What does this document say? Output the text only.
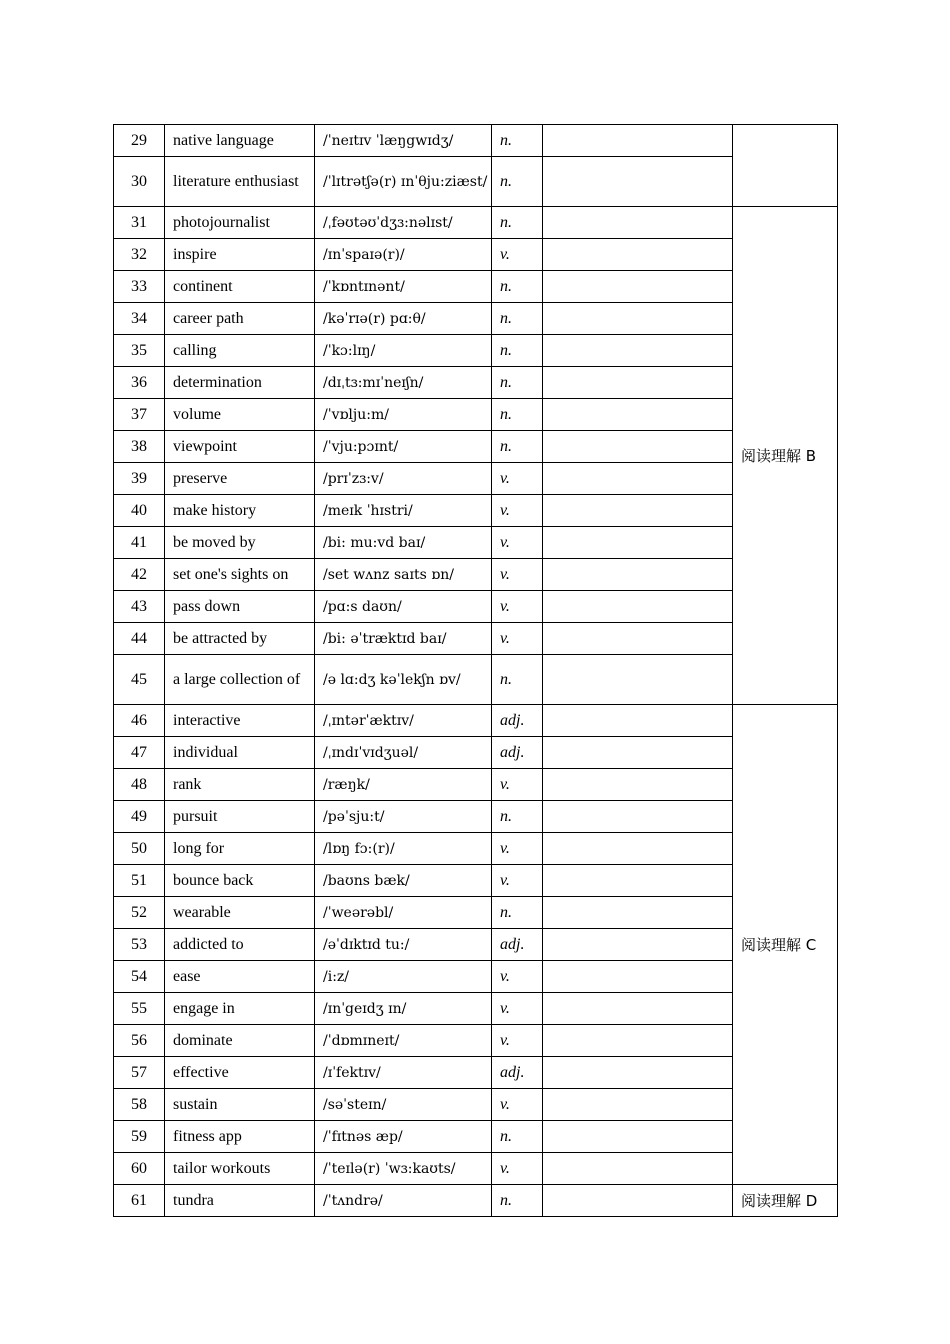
29	native language	/ˈneɪtɪv ˈlæŋgwɪdʒ/	n.		
30	literature enthusiast	/ˈlɪtrətʃə(r) ɪnˈθju:ziæst/	n.		
31	photojournalist	/ˌfəʊtəʊˈdʒɜ:nəlɪst/	n.		阅读理解 B
32	inspire	/ɪnˈspaɪə(r)/	v.		
33	continent	/ˈkɒntɪnənt/	n.		
34	career path	/kəˈrɪə(r) pɑ:θ/	n.		
35	calling	/ˈkɔ:lɪŋ/	n.		
36	determination	/dɪˌtɜ:mɪˈneɪʃn/	n.		
37	volume	/ˈvɒlju:m/	n.		
38	viewpoint	/ˈvju:pɔɪnt/	n.		
39	preserve	/prɪˈzɜ:v/	v.		
40	make history	/meɪk ˈhɪstri/	v.		
41	be moved by	/bi: mu:vd baɪ/	v.		
42	set one's sights on	/set wʌnz saɪts ɒn/	v.		
43	pass down	/pɑ:s daʊn/	v.		
44	be attracted by	/bi: əˈtræktɪd baɪ/	v.		
45	a large collection of	/ə lɑ:dʒ kəˈlekʃn ɒv/	n.		
46	interactive	/ˌɪntərˈæktɪv/	adj.		阅读理解 C
47	individual	/ˌɪndɪˈvɪdʒuəl/	adj.		
48	rank	/ræŋk/	v.		
49	pursuit	/pəˈsju:t/	n.		
50	long for	/lɒŋ fɔ:(r)/	v.		
51	bounce back	/baʊns bæk/	v.		
52	wearable	/ˈweərəbl/	n.		
53	addicted to	/əˈdɪktɪd tu:/	adj.		
54	ease	/i:z/	v.		
55	engage in	/ɪnˈgeɪdʒ ɪn/	v.		
56	dominate	/ˈdɒmɪneɪt/	v.		
57	effective	/ɪˈfektɪv/	adj.		
58	sustain	/səˈsteɪn/	v.		
59	fitness app	/ˈfɪtnəs æp/	n.		
60	tailor workouts	/ˈteɪlə(r) ˈwɜ:kaʊts/	v.		
61	tundra	/ˈtʌndrə/	n.		阅读理解 D
